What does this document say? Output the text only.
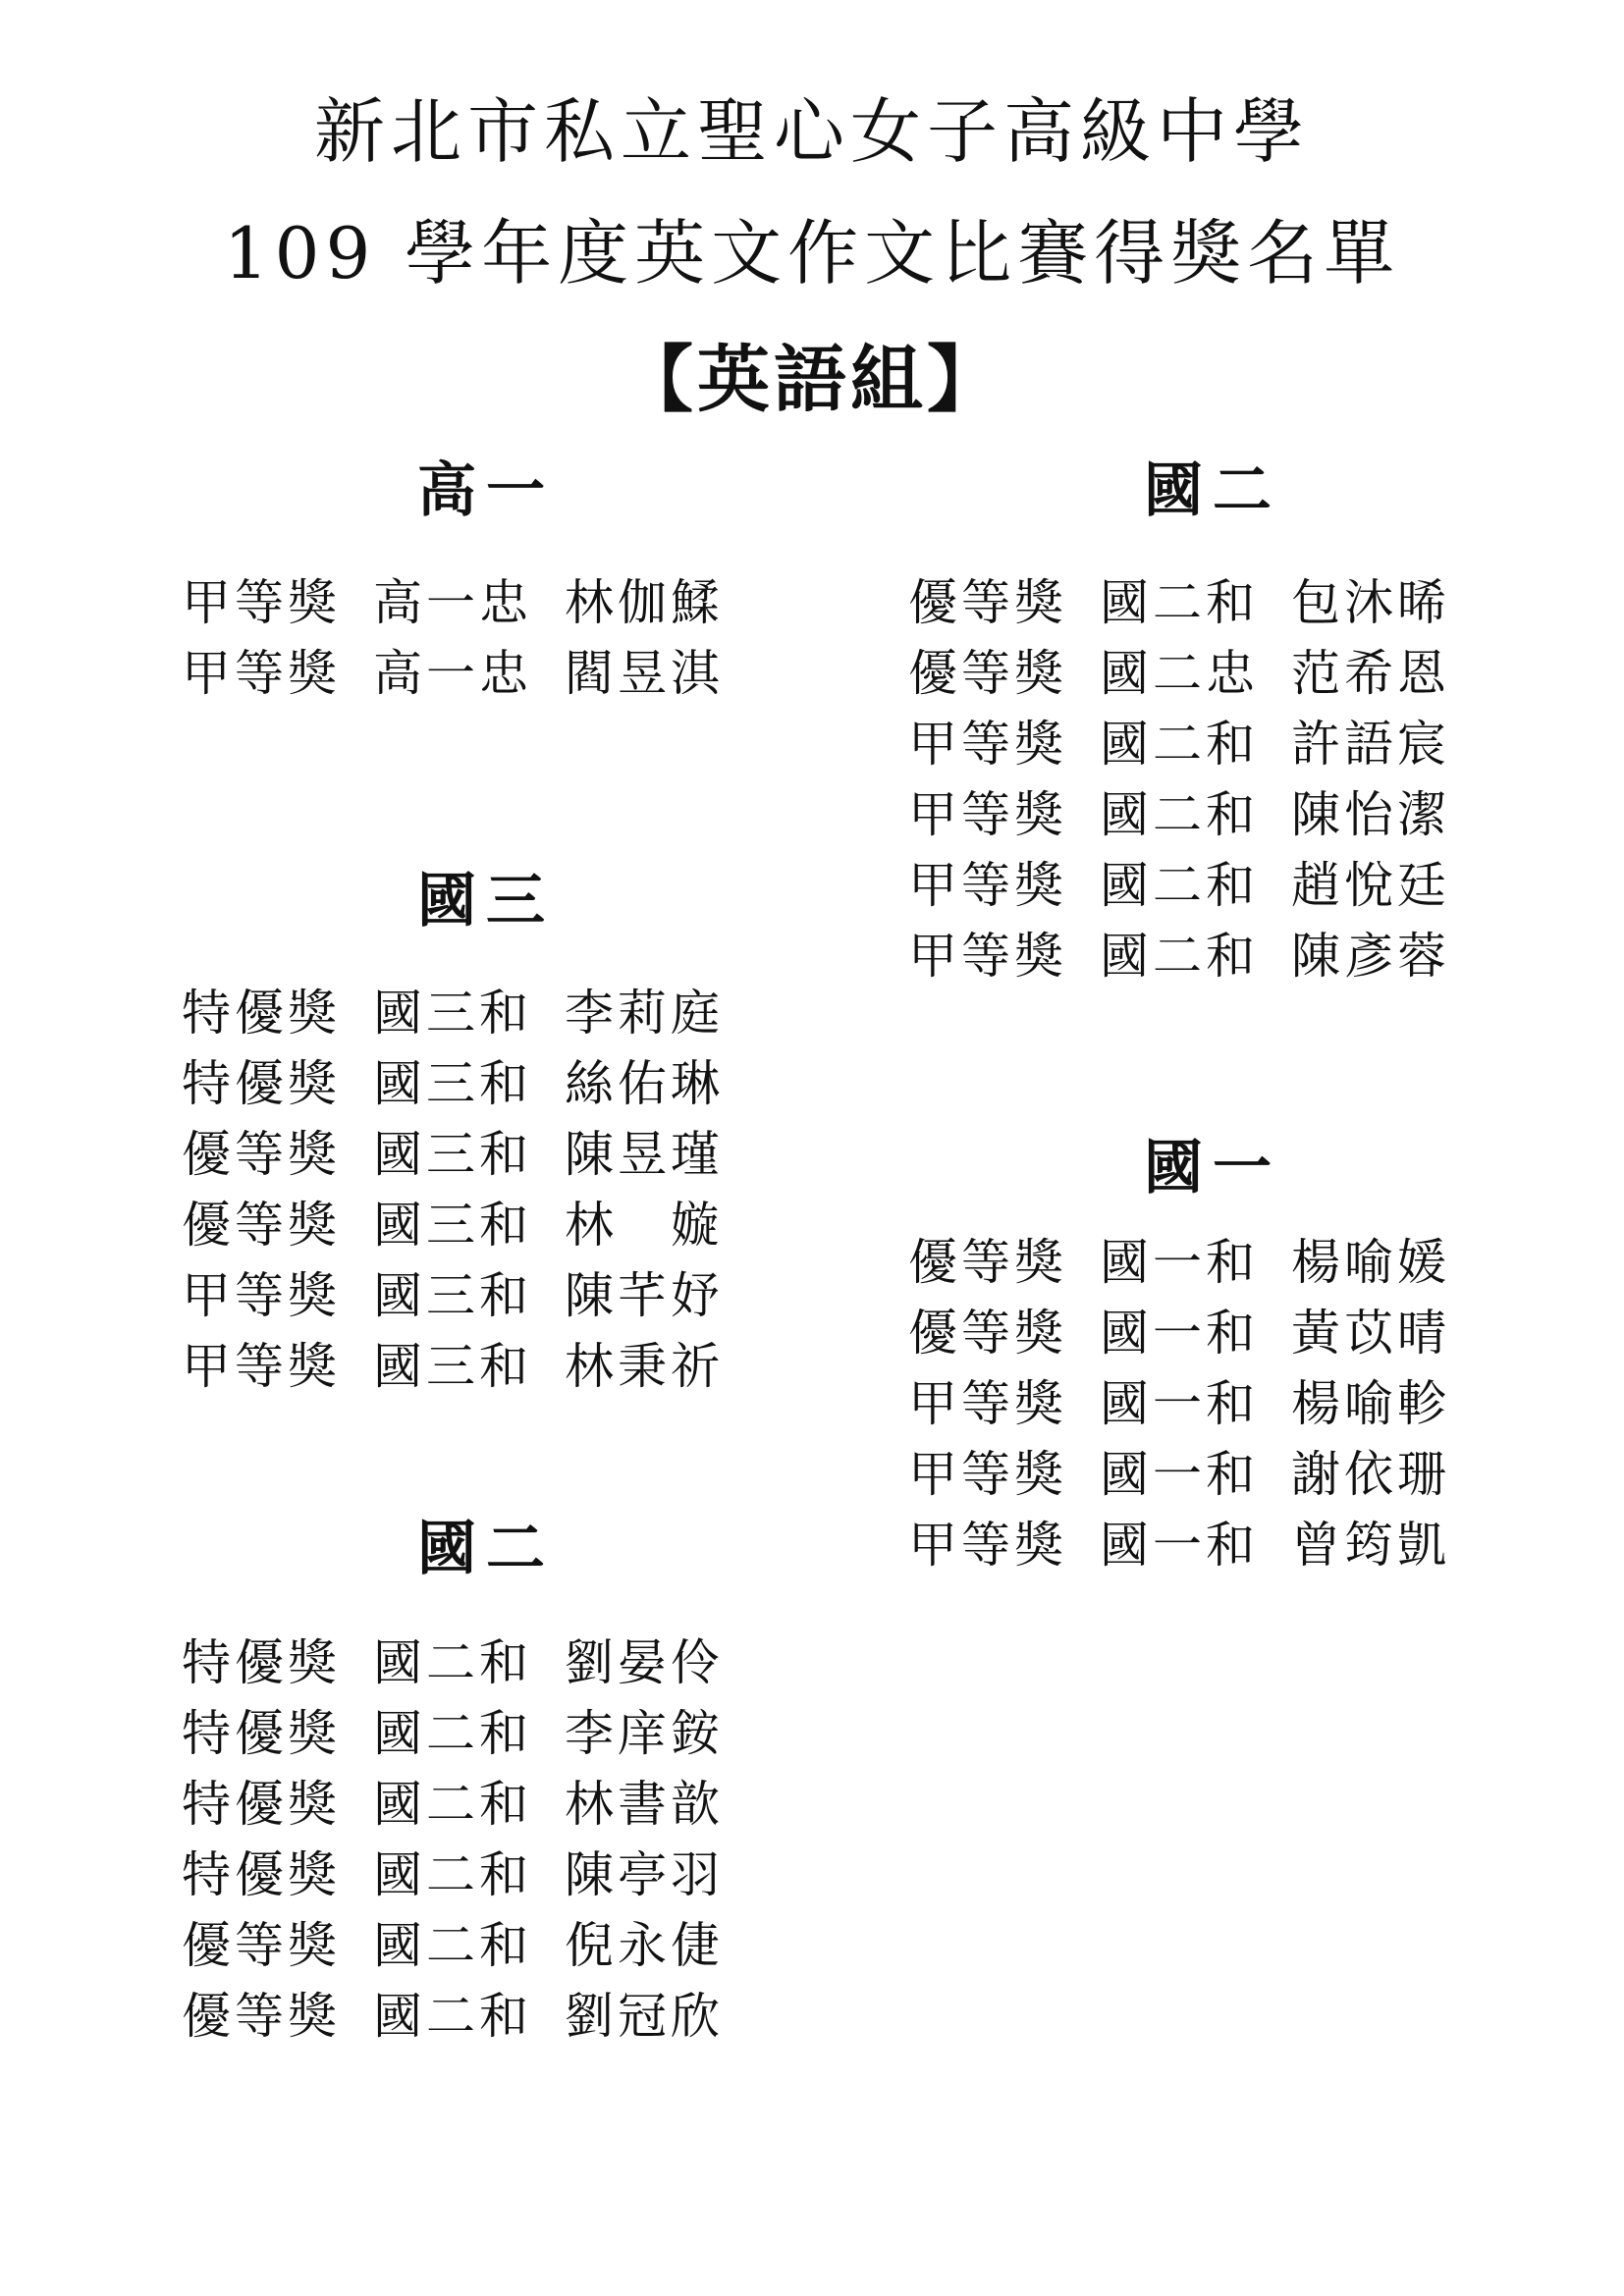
新北市私立聖心女子高級中學
109 學年度英文作文比賽得獎名單
【英語組】
高一
甲等獎 高一忠 林伽鰇
甲等獎 高一忠 閻昱淇
國三
特優獎 國三和 李莉庭
特優獎 國三和 絲佑琳
優等獎 國三和 陳昱瑾
優等獎 國三和 林　嫙
甲等獎 國三和 陳芊妤
甲等獎 國三和 林秉祈
國二
特優獎 國二和 劉晏伶
特優獎 國二和 李庠銨
特優獎 國二和 林書歆
特優獎 國二和 陳亭羽
優等獎 國二和 倪永倢
優等獎 國二和 劉冠欣
國二
優等獎 國二和 包沐晞
優等獎 國二忠 范希恩
甲等獎 國二和 許語宸
甲等獎 國二和 陳怡潔
甲等獎 國二和 趙悅廷
甲等獎 國二和 陳彥蓉
國一
優等獎 國一和 楊喻媛
優等獎 國一和 黃苡晴
甲等獎 國一和 楊喻軫
甲等獎 國一和 謝依珊
甲等獎 國一和 曾筠凱
